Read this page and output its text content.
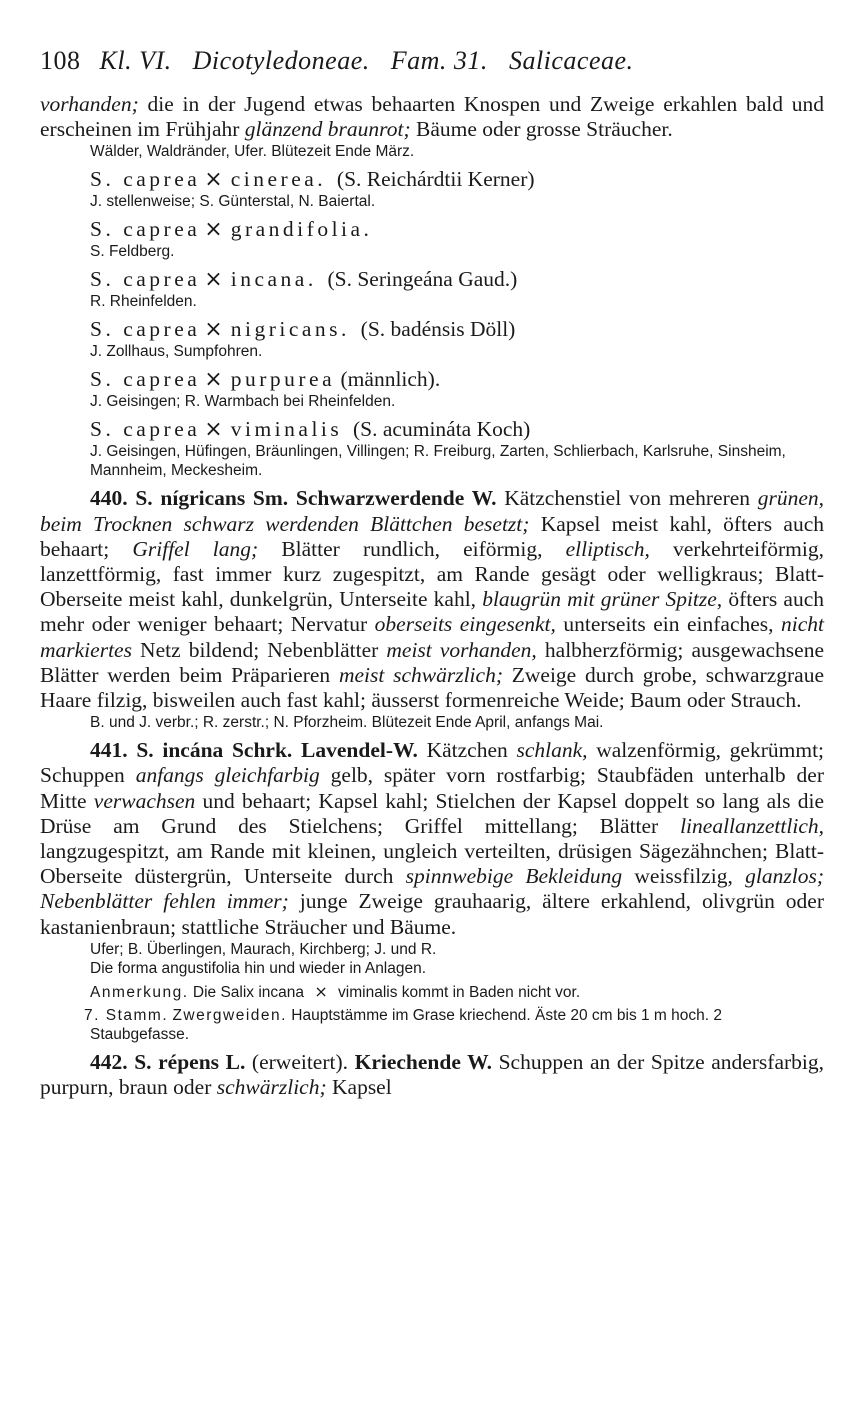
108 Kl. VI. Dicotyledoneae. Fam. 31. Salicaceae.

vorhanden; die in der Jugend etwas behaarten Knospen und Zweige erkahlen bald und erscheinen im Frühjahr glänzend braunrot; Bäume oder grosse Sträucher.

Wälder, Waldränder, Ufer. Blütezeit Ende März.

S. caprea × cinerea. (S. Reichárdtii Kerner)

J. stellenweise; S. Günterstal, N. Baiertal.

S. caprea × grandifolia.

S. Feldberg.

S. caprea × incana. (S. Seringeána Gaud.)

R. Rheinfelden.

S. caprea × nigricans. (S. badénsis Döll)

J. Zollhaus, Sumpfohren.

S. caprea × purpurea (männlich).

J. Geisingen; R. Warmbach bei Rheinfelden.

S. caprea × viminalis (S. acumináta Koch)

J. Geisingen, Hüfingen, Bräunlingen, Villingen; R. Freiburg, Zarten, Schlierbach, Karlsruhe, Sinsheim, Mannheim, Meckesheim.

440. S. nígricans Sm. Schwarzwerdende W. Kätzchenstiel von mehreren grünen, beim Trocknen schwarz werdenden Blättchen besetzt; Kapsel meist kahl, öfters auch behaart; Griffel lang; Blätter rundlich, eiförmig, elliptisch, verkehrteiförmig, lanzettförmig, fast immer kurz zugespitzt, am Rande gesägt oder welligkraus; Blatt-Oberseite meist kahl, dunkelgrün, Unterseite kahl, blaugrün mit grüner Spitze, öfters auch mehr oder weniger behaart; Nervatur oberseits eingesenkt, unterseits ein einfaches, nicht markiertes Netz bildend; Nebenblätter meist vorhanden, halbherzförmig; ausgewachsene Blätter werden beim Präparieren meist schwärzlich; Zweige durch grobe, schwarzgraue Haare filzig, bisweilen auch fast kahl; äusserst formenreiche Weide; Baum oder Strauch.

B. und J. verbr.; R. zerstr.; N. Pforzheim. Blütezeit Ende April, anfangs Mai.

441. S. incána Schrk. Lavendel-W. Kätzchen schlank, walzenförmig, gekrümmt; Schuppen anfangs gleichfarbig gelb, später vorn rostfarbig; Staubfäden unterhalb der Mitte verwachsen und behaart; Kapsel kahl; Stielchen der Kapsel doppelt so lang als die Drüse am Grund des Stielchens; Griffel mittellang; Blätter lineallanzettlich, langzugespitzt, am Rande mit kleinen, ungleich verteilten, drüsigen Sägezähnchen; Blatt-Oberseite düstergrün, Unterseite durch spinnwebige Bekleidung weissfilzig, glanzlos; Nebenblätter fehlen immer; junge Zweige grauhaarig, ältere erkahlend, olivgrün oder kastanienbraun; stattliche Sträucher und Bäume.

Ufer; B. Überlingen, Maurach, Kirchberg; J. und R.

Die forma angustifolia hin und wieder in Anlagen.

Anmerkung. Die Salix incana × viminalis kommt in Baden nicht vor.

7. Stamm. Zwergweiden. Hauptstämme im Grase kriechend. Äste 20 cm bis 1 m hoch. 2 Staubgefasse.

442. S. répens L. (erweitert). Kriechende W. Schuppen an der Spitze andersfarbig, purpurn, braun oder schwärzlich; Kapsel
